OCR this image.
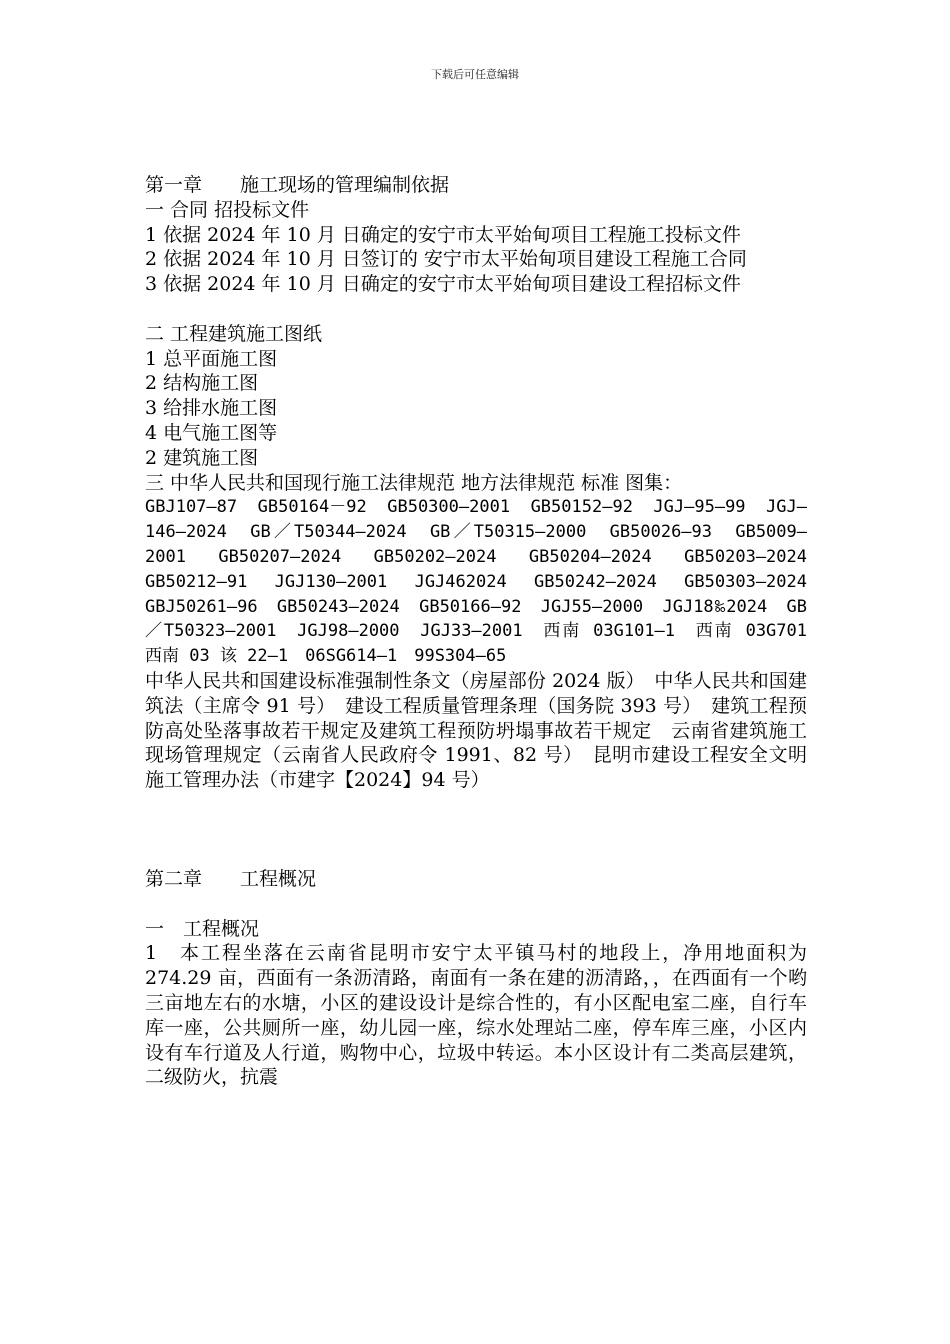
下载后可任意编辑

第一章　　施工现场的管理编制依据

一 合同 招投标文件

1 依据 2024 年 10 月 日确定的安宁市太平始甸项目工程施工投标文件

2 依据 2024 年 10 月 日签订的 安宁市太平始甸项目建设工程施工合同

3 依据 2024 年 10 月 日确定的安宁市太平始甸项目建设工程招标文件

二 工程建筑施工图纸

1 总平面施工图

2 结构施工图

3 给排水施工图

4 电气施工图等

2 建筑施工图

三 中华人民共和国现行施工法律规范 地方法律规范 标准 图集：

GBJ107—87　GB50164－92　GB50300—2001　GB50152—92　JGJ—95—99　JGJ—146—2024　GB／T50344—2024　GB／T50315—2000　GB50026—93　GB5009—2001　GB50207—2024　GB50202—2024　GB50204—2024　GB50203—2024　GB50212—91　JGJ130—2001　JGJ462024　GB50242—2024　GB50303—2024　GBJ50261—96　GB50243—2024　GB50166—92　JGJ55—2000　JGJ18‰2024　GB／T50323—2001　JGJ98—2000　JGJ33—2001　西南 03G101—1　西南 03G701　西南 03 该 22—1　06SG614—1　99S304—65

中华人民共和国建设标准强制性条文（房屋部份 2024 版）　中华人民共和国建筑法（主席令 91 号）　建设工程质量管理条理（国务院 393 号）　建筑工程预防高处坠落事故若干规定及建筑工程预防坍塌事故若干规定　云南省建筑施工现场管理规定（云南省人民政府令 1991、82 号）　昆明市建设工程安全文明施工管理办法（市建字【2024】94 号）

第二章　　工程概况

一　工程概况

1　本工程坐落在云南省昆明市安宁太平镇马村的地段上，净用地面积为 274.29 亩，西面有一条沥清路，南面有一条在建的沥清路，，在西面有一个哟三亩地左右的水塘，小区的建设设计是综合性的，有小区配电室二座，自行车库一座，公共厕所一座，幼儿园一座，综水处理站二座，停车库三座，小区内设有车行道及人行道，购物中心，垃圾中转运。本小区设计有二类高层建筑，二级防火，抗震
